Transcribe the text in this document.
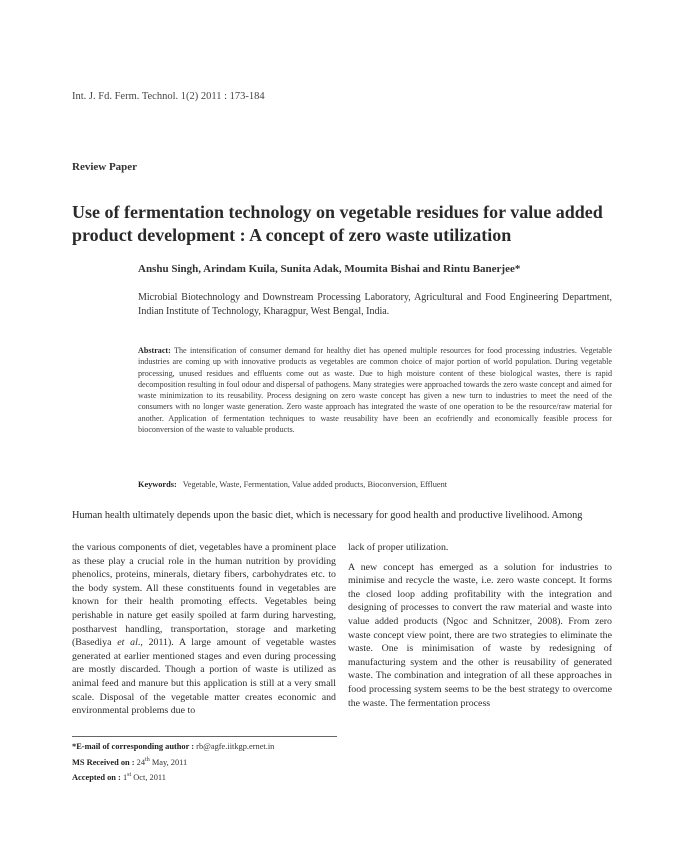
Int. J. Fd. Ferm. Technol. 1(2) 2011 : 173-184
Review Paper
Use of fermentation technology on vegetable residues for value added product development : A concept of zero waste utilization
Anshu Singh, Arindam Kuila, Sunita Adak, Moumita Bishai and Rintu Banerjee*
Microbial Biotechnology and Downstream Processing Laboratory, Agricultural and Food Engineering Department, Indian Institute of Technology, Kharagpur, West Bengal, India.
Abstract: The intensification of consumer demand for healthy diet has opened multiple resources for food processing industries. Vegetable industries are coming up with innovative products as vegetables are common choice of major portion of world population. During vegetable processing, unused residues and effluents come out as waste. Due to high moisture content of these biological wastes, there is rapid decomposition resulting in foul odour and dispersal of pathogens. Many strategies were approached towards the zero waste concept and aimed for waste minimization to its reusability. Process designing on zero waste concept has given a new turn to industries to meet the need of the consumers with no longer waste generation. Zero waste approach has integrated the waste of one operation to be the resource/raw material for another. Application of fermentation techniques to waste reusability have been an ecofriendly and economically feasible process for bioconversion of the waste to valuable products.
Keywords: Vegetable, Waste, Fermentation, Value added products, Bioconversion, Effluent
Human health ultimately depends upon the basic diet, which is necessary for good health and productive livelihood. Among
the various components of diet, vegetables have a prominent place as these play a crucial role in the human nutrition by providing phenolics, proteins, minerals, dietary fibers, carbohydrates etc. to the body system. All these constituents found in vegetables are known for their health promoting effects. Vegetables being perishable in nature get easily spoiled at farm during harvesting, postharvest handling, transportation, storage and marketing (Basediya et al., 2011). A large amount of vegetable wastes generated at earlier mentioned stages and even during processing are mostly discarded. Though a portion of waste is utilized as animal feed and manure but this application is still at a very small scale. Disposal of the vegetable matter creates economic and environmental problems due to

lack of proper utilization.

A new concept has emerged as a solution for industries to minimise and recycle the waste, i.e. zero waste concept. It forms the closed loop adding profitability with the integration and designing of processes to convert the raw material and waste into value added products (Ngoc and Schnitzer, 2008). From zero waste concept view point, there are two strategies to eliminate the waste. One is minimisation of waste by redesigning of manufacturing system and the other is reusability of generated waste. The combination and integration of all these approaches in food processing system seems to be the best strategy to overcome the waste. The fermentation process

*E-mail of corresponding author : rb@agfe.iitkgp.ernet.in
MS Received on : 24th May, 2011
Accepted on : 1st Oct, 2011
